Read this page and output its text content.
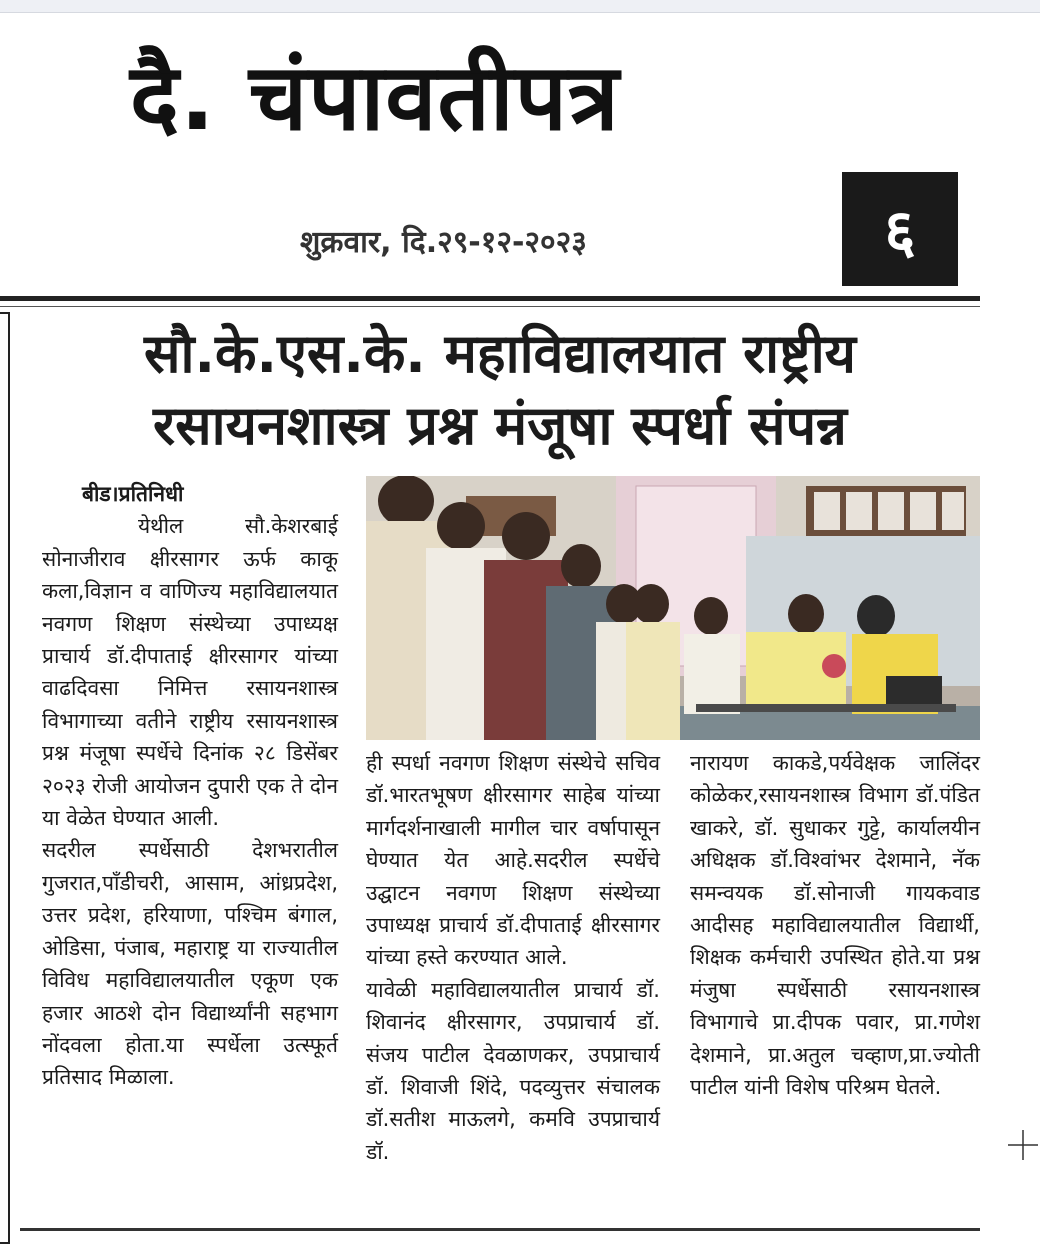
दै. चंपावतीपत्र
शुक्रवार, दि.२९-१२-२०२३	६
सौ.के.एस.के. महाविद्यालयात राष्ट्रीय
रसायनशास्त्र प्रश्न मंजूषा स्पर्धा संपन्न
बीड।प्रतिनिधी
येथील सौ.केशरबाई सोनाजीराव क्षीरसागर ऊर्फ काकू कला,विज्ञान व वाणिज्य महाविद्यालयात नवगण शिक्षण संस्थेच्या उपाध्यक्ष प्राचार्य डॉ.दीपाताई क्षीरसागर यांच्या वाढदिवसा निमित्त रसायनशास्त्र विभागाच्या वतीने राष्ट्रीय रसायनशास्त्र प्रश्न मंजूषा स्पर्धेचे दिनांक २८ डिसेंबर २०२३ रोजी आयोजन दुपारी एक ते दोन या वेळेत घेण्यात आली.
सदरील स्पर्धेसाठी देशभरातील गुजरात,पाँडीचरी, आसाम, आंध्रप्रदेश, उत्तर प्रदेश, हरियाणा, पश्चिम बंगाल, ओडिसा, पंजाब, महाराष्ट्र या राज्यातील विविध महाविद्यालयातील एकूण एक हजार आठशे दोन विद्यार्थ्यांनी सहभाग नोंदवला होता.या स्पर्धेला उत्स्फूर्त प्रतिसाद मिळाला.
ही स्पर्धा नवगण शिक्षण संस्थेचे सचिव डॉ.भारतभूषण क्षीरसागर साहेब यांच्या मार्गदर्शनाखाली मागील चार वर्षापासून घेण्यात येत आहे.सदरील स्पर्धेचे उद्घाटन नवगण शिक्षण संस्थेच्या उपाध्यक्ष प्राचार्य डॉ.दीपाताई क्षीरसागर यांच्या हस्ते करण्यात आले.
यावेळी महाविद्यालयातील प्राचार्य डॉ. शिवानंद क्षीरसागर, उपप्राचार्य डॉ. संजय पाटील देवळाणकर, उपप्राचार्य डॉ. शिवाजी शिंदे, पदव्युत्तर संचालक डॉ.सतीश माऊलगे, कमवि उपप्राचार्य डॉ.
नारायण काकडे,पर्यवेक्षक जालिंदर कोळेकर,रसायनशास्त्र विभाग डॉ.पंडित खाकरे, डॉ. सुधाकर गुट्टे, कार्यालयीन अधिक्षक डॉ.विश्वांभर देशमाने, नॅक समन्वयक डॉ.सोनाजी गायकवाड आदीसह महाविद्यालयातील विद्यार्थी, शिक्षक कर्मचारी उपस्थित होते.या प्रश्न मंजुषा स्पर्धेसाठी रसायनशास्त्र विभागाचे प्रा.दीपक पवार, प्रा.गणेश देशमाने, प्रा.अतुल चव्हाण,प्रा.ज्योती पाटील यांनी विशेष परिश्रम घेतले.
